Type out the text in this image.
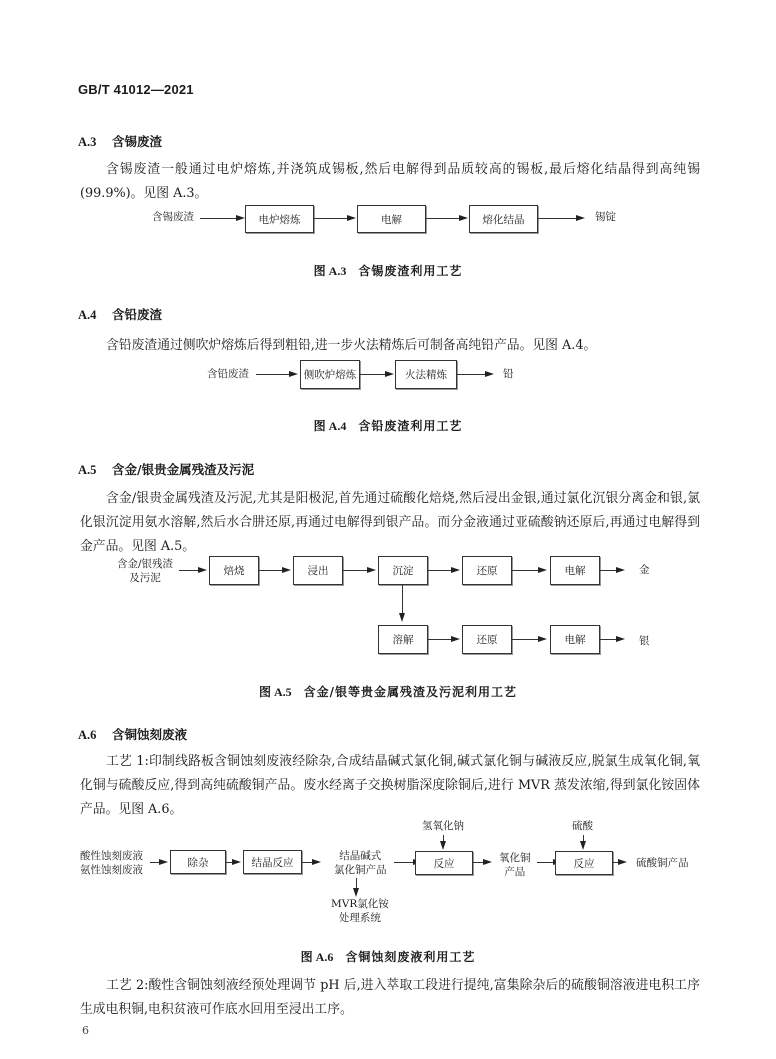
GB/T 41012—2021
A.3 含锡废渣
含锡废渣一般通过电炉熔炼,并浇筑成锡板,然后电解得到品质较高的锡板,最后熔化结晶得到高纯锡(99.9%)。见图 A.3。
含锡废渣	电炉熔炼	电解	熔化结晶	锡锭
图 A.3 含锡废渣利用工艺
A.4 含铅废渣
含铅废渣通过侧吹炉熔炼后得到粗铅,进一步火法精炼后可制备高纯铅产品。见图 A.4。
含铅废渣	侧吹炉熔炼	火法精炼	铅
图 A.4 含铅废渣利用工艺
A.5 含金/银贵金属残渣及污泥
含金/银贵金属残渣及污泥,尤其是阳极泥,首先通过硫酸化焙烧,然后浸出金银,通过氯化沉银分离金和银,氯化银沉淀用氨水溶解,然后水合肼还原,再通过电解得到银产品。而分金液通过亚硫酸钠还原后,再通过电解得到金产品。见图 A.5。
含金/银残渣
及污泥
焙烧	浸出	沉淀	还原	电解	金
溶解	还原	电解	银
图 A.5 含金/银等贵金属残渣及污泥利用工艺
A.6 含铜蚀刻废液
工艺 1:印制线路板含铜蚀刻废液经除杂,合成结晶碱式氯化铜,碱式氯化铜与碱液反应,脱氯生成氧化铜,氧化铜与硫酸反应,得到高纯硫酸铜产品。废水经离子交换树脂深度除铜后,进行 MVR 蒸发浓缩,得到氯化铵固体产品。见图 A.6。
酸性蚀刻废液
氨性蚀刻废液
除杂	结晶反应
结晶碱式
氯化铜产品
MVR氯化铵
处理系统
氢氧化钠
反应	氧化铜
产品
硫酸
反应	硫酸铜产品
图 A.6 含铜蚀刻废液利用工艺
工艺 2:酸性含铜蚀刻液经预处理调节 pH 后,进入萃取工段进行提纯,富集除杂后的硫酸铜溶液进电积工序生成电积铜,电积贫液可作底水回用至浸出工序。
6
